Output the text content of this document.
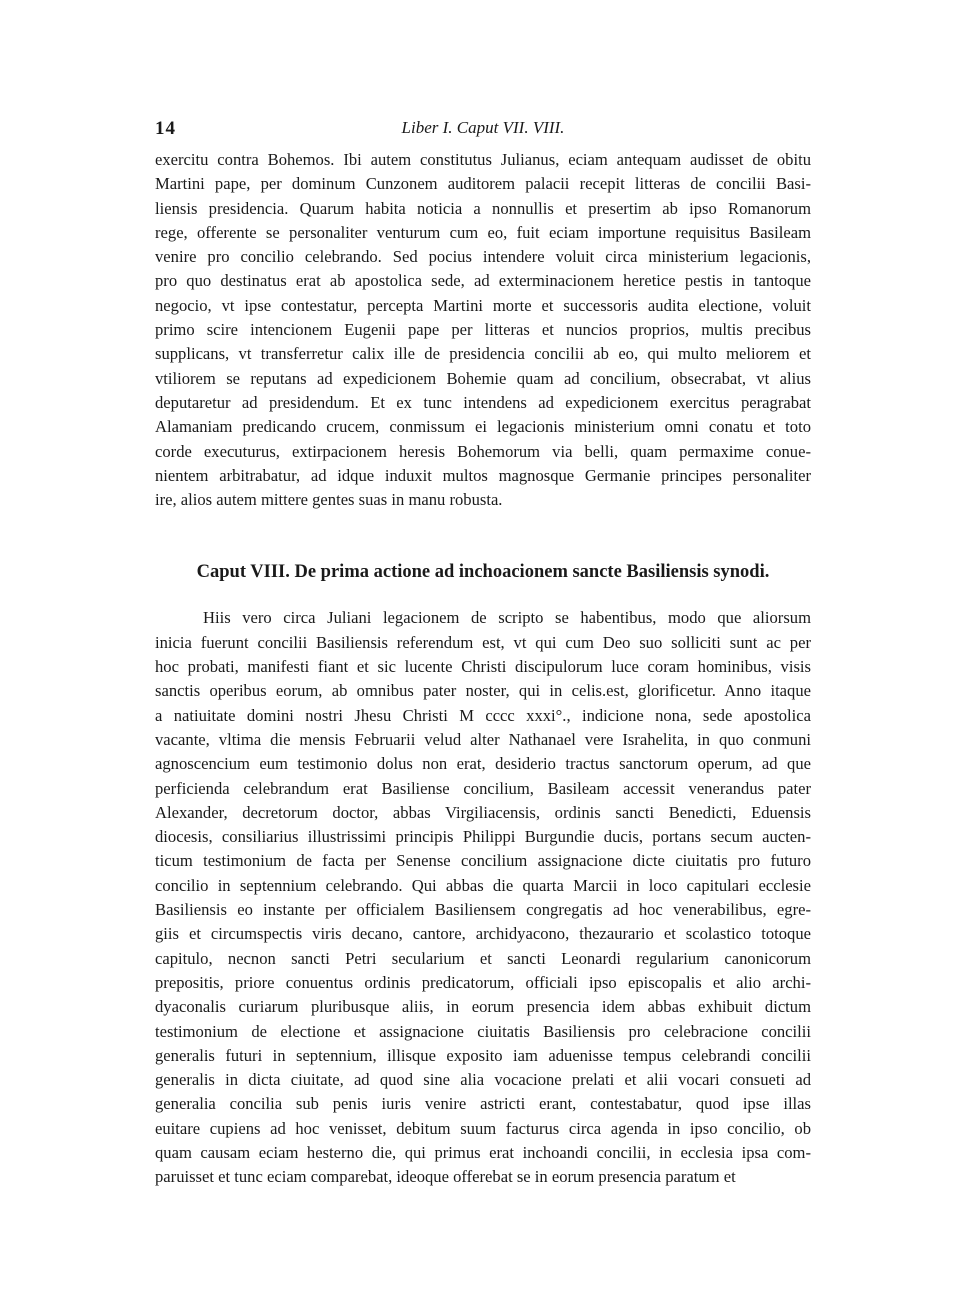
14	Liber I. Caput VII. VIII.

exercitu contra Bohemos. Ibi autem constitutus Julianus, eciam antequam audisset de obitu
Martini pape, per dominum Cunzonem auditorem palacii recepit litteras de concilii Basi-
liensis presidencia. Quarum habita noticia a nonnullis et presertim ab ipso Romanorum
rege, offerente se personaliter venturum cum eo, fuit eciam importune requisitus Basileam
venire pro concilio celebrando. Sed pocius intendere voluit circa ministerium legacionis,
pro quo destinatus erat ab apostolica sede, ad exterminacionem heretice pestis in tantoque
negocio, vt ipse contestatur, percepta Martini morte et successoris audita electione, voluit
primo scire intencionem Eugenii pape per litteras et nuncios proprios, multis precibus
supplicans, vt transferretur calix ille de presidencia concilii ab eo, qui multo meliorem et
vtiliorem se reputans ad expedicionem Bohemie quam ad concilium, obsecrabat, vt alius
deputaretur ad presidendum. Et ex tunc intendens ad expedicionem exercitus peragrabat
Alamaniam predicando crucem, conmissum ei legacionis ministerium omni conatu et toto
corde executurus, extirpacionem heresis Bohemorum via belli, quam permaxime conue-
nientem arbitrabatur, ad idque induxit multos magnosque Germanie principes personaliter
ire, alios autem mittere gentes suas in manu robusta.

Caput VIII. De prima actione ad inchoacionem sancte Basiliensis synodi.

Hiis vero circa Juliani legacionem de scripto se habentibus, modo que aliorsum
inicia fuerunt concilii Basiliensis referendum est, vt qui cum Deo suo solliciti sunt ac per
hoc probati, manifesti fiant et sic lucente Christi discipulorum luce coram hominibus, visis
sanctis operibus eorum, ab omnibus pater noster, qui in celis.est, glorificetur. Anno itaque
a natiuitate domini nostri Jhesu Christi M cccc xxxi°., indicione nona, sede apostolica
vacante, vltima die mensis Februarii velud alter Nathanael vere Israhelita, in quo conmuni
agnoscencium eum testimonio dolus non erat, desiderio tractus sanctorum operum, ad que
perficienda celebrandum erat Basiliense concilium, Basileam accessit venerandus pater
Alexander, decretorum doctor, abbas Virgiliacensis, ordinis sancti Benedicti, Eduensis
diocesis, consiliarius illustrissimi principis Philippi Burgundie ducis, portans secum aucten-
ticum testimonium de facta per Senense concilium assignacione dicte ciuitatis pro futuro
concilio in septennium celebrando. Qui abbas die quarta Marcii in loco capitulari ecclesie
Basiliensis eo instante per officialem Basiliensem congregatis ad hoc venerabilibus, egre-
giis et circumspectis viris decano, cantore, archidyacono, thezaurario et scolastico totoque
capitulo, necnon sancti Petri secularium et sancti Leonardi regularium canonicorum
prepositis, priore conuentus ordinis predicatorum, officiali ipso episcopalis et alio archi-
dyaconalis curiarum pluribusque aliis, in eorum presencia idem abbas exhibuit dictum
testimonium de electione et assignacione ciuitatis Basiliensis pro celebracione concilii
generalis futuri in septennium, illisque exposito iam aduenisse tempus celebrandi concilii
generalis in dicta ciuitate, ad quod sine alia vocacione prelati et alii vocari consueti ad
generalia concilia sub penis iuris venire astricti erant, contestabatur, quod ipse illas
euitare cupiens ad hoc venisset, debitum suum facturus circa agenda in ipso concilio, ob
quam causam eciam hesterno die, qui primus erat inchoandi concilii, in ecclesia ipsa com-
paruisset et tunc eciam comparebat, ideoque offerebat se in eorum presencia paratum et
